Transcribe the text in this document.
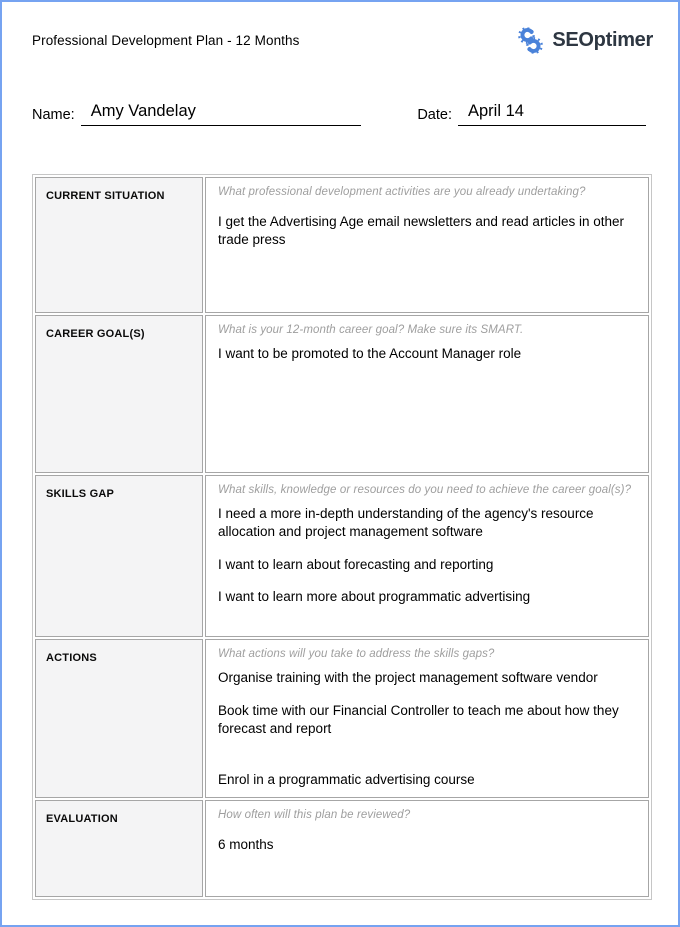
Professional Development Plan - 12 Months	SEOptimer
Name: Amy Vandelay	Date: April 14
CURRENT SITUATION	What professional development activities are you already undertaking?

I get the Advertising Age email newsletters and read articles in other trade press

CAREER GOAL(S)	What is your 12-month career goal? Make sure its SMART.

I want to be promoted to the Account Manager role

SKILLS GAP	What skills, knowledge or resources do you need to achieve the career goal(s)?

I need a more in-depth understanding of the agency's resource allocation and project management software

I want to learn about forecasting and reporting

I want to learn more about programmatic advertising

ACTIONS	What actions will you take to address the skills gaps?

Organise training with the project management software vendor

Book time with our Financial Controller to teach me about how they forecast and report

Enrol in a programmatic advertising course

EVALUATION	How often will this plan be reviewed?

6 months
